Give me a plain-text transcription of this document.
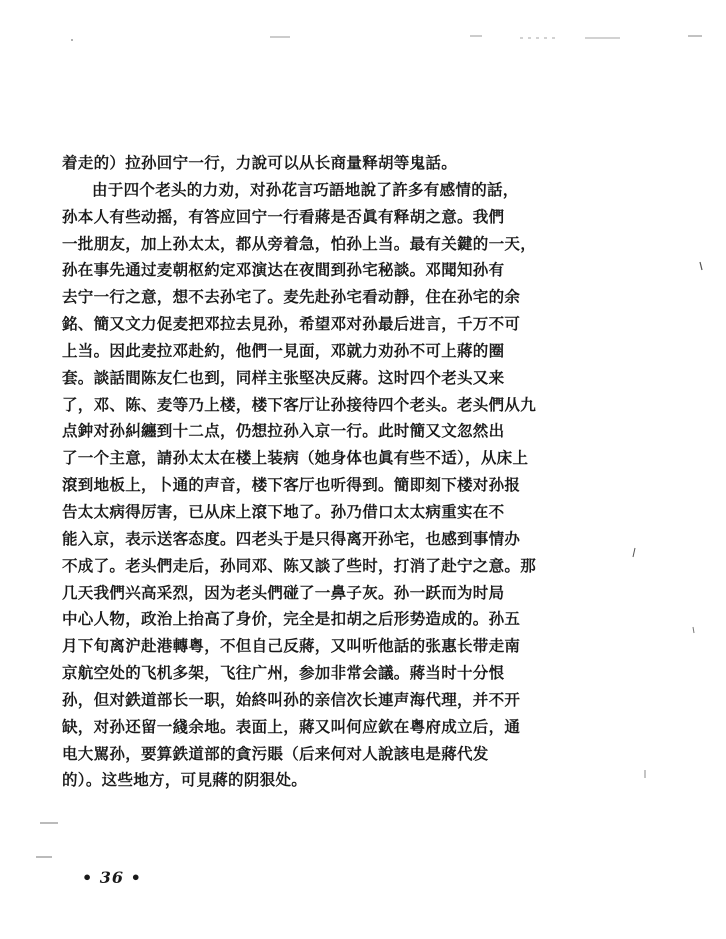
着走的）拉孙回宁一行，力說可以从长商量释胡等鬼話。
由于四个老头的力劝，对孙花言巧語地說了許多有感情的話，
孙本人有些动摇，有答应回宁一行看蔣是否眞有释胡之意。我們
一批朋友，加上孙太太，都从旁着急，怕孙上当。最有关鍵的一天，
孙在事先通过麦朝枢約定邓演达在夜間到孙宅秘談。邓聞知孙有
去宁一行之意，想不去孙宅了。麦先赴孙宅看动靜，住在孙宅的余
銘、簡又文力促麦把邓拉去見孙，希望邓对孙最后进言，千万不可
上当。因此麦拉邓赴約，他們一見面，邓就力劝孙不可上蔣的圈
套。談話間陈友仁也到，同样主张堅决反蔣。这时四个老头又来
了，邓、陈、麦等乃上楼，楼下客厅让孙接待四个老头。老头們从九
点鈡对孙糾纏到十二点，仍想拉孙入京一行。此时簡又文忽然出
了一个主意，請孙太太在楼上装病（她身体也眞有些不适），从床上
滾到地板上，卜通的声音，楼下客厅也听得到。簡即刻下楼对孙报
告太太病得厉害，已从床上滾下地了。孙乃借口太太病重实在不
能入京，表示送客态度。四老头于是只得离开孙宅，也感到事情办
不成了。老头們走后，孙同邓、陈又談了些时，打消了赴宁之意。那
几天我們兴高采烈，因为老头們碰了一鼻子灰。孙一跃而为时局
中心人物，政治上抬高了身价，完全是扣胡之后形势造成的。孙五
月下旬离沪赴港轉粤，不但自己反蔣，又叫听他話的张惠长带走南
京航空处的飞机多架，飞往广州，参加非常会議。蔣当时十分恨
孙，但对鉄道部长一职，始終叫孙的亲信次长連声海代理，并不开
缺，对孙还留一綫余地。表面上，蔣又叫何应欽在粤府成立后，通
电大駡孙，要算鉄道部的貪污賬（后来何对人說該电是蔣代发
的）。这些地方，可見蔣的阴狠处。
• 36 •
